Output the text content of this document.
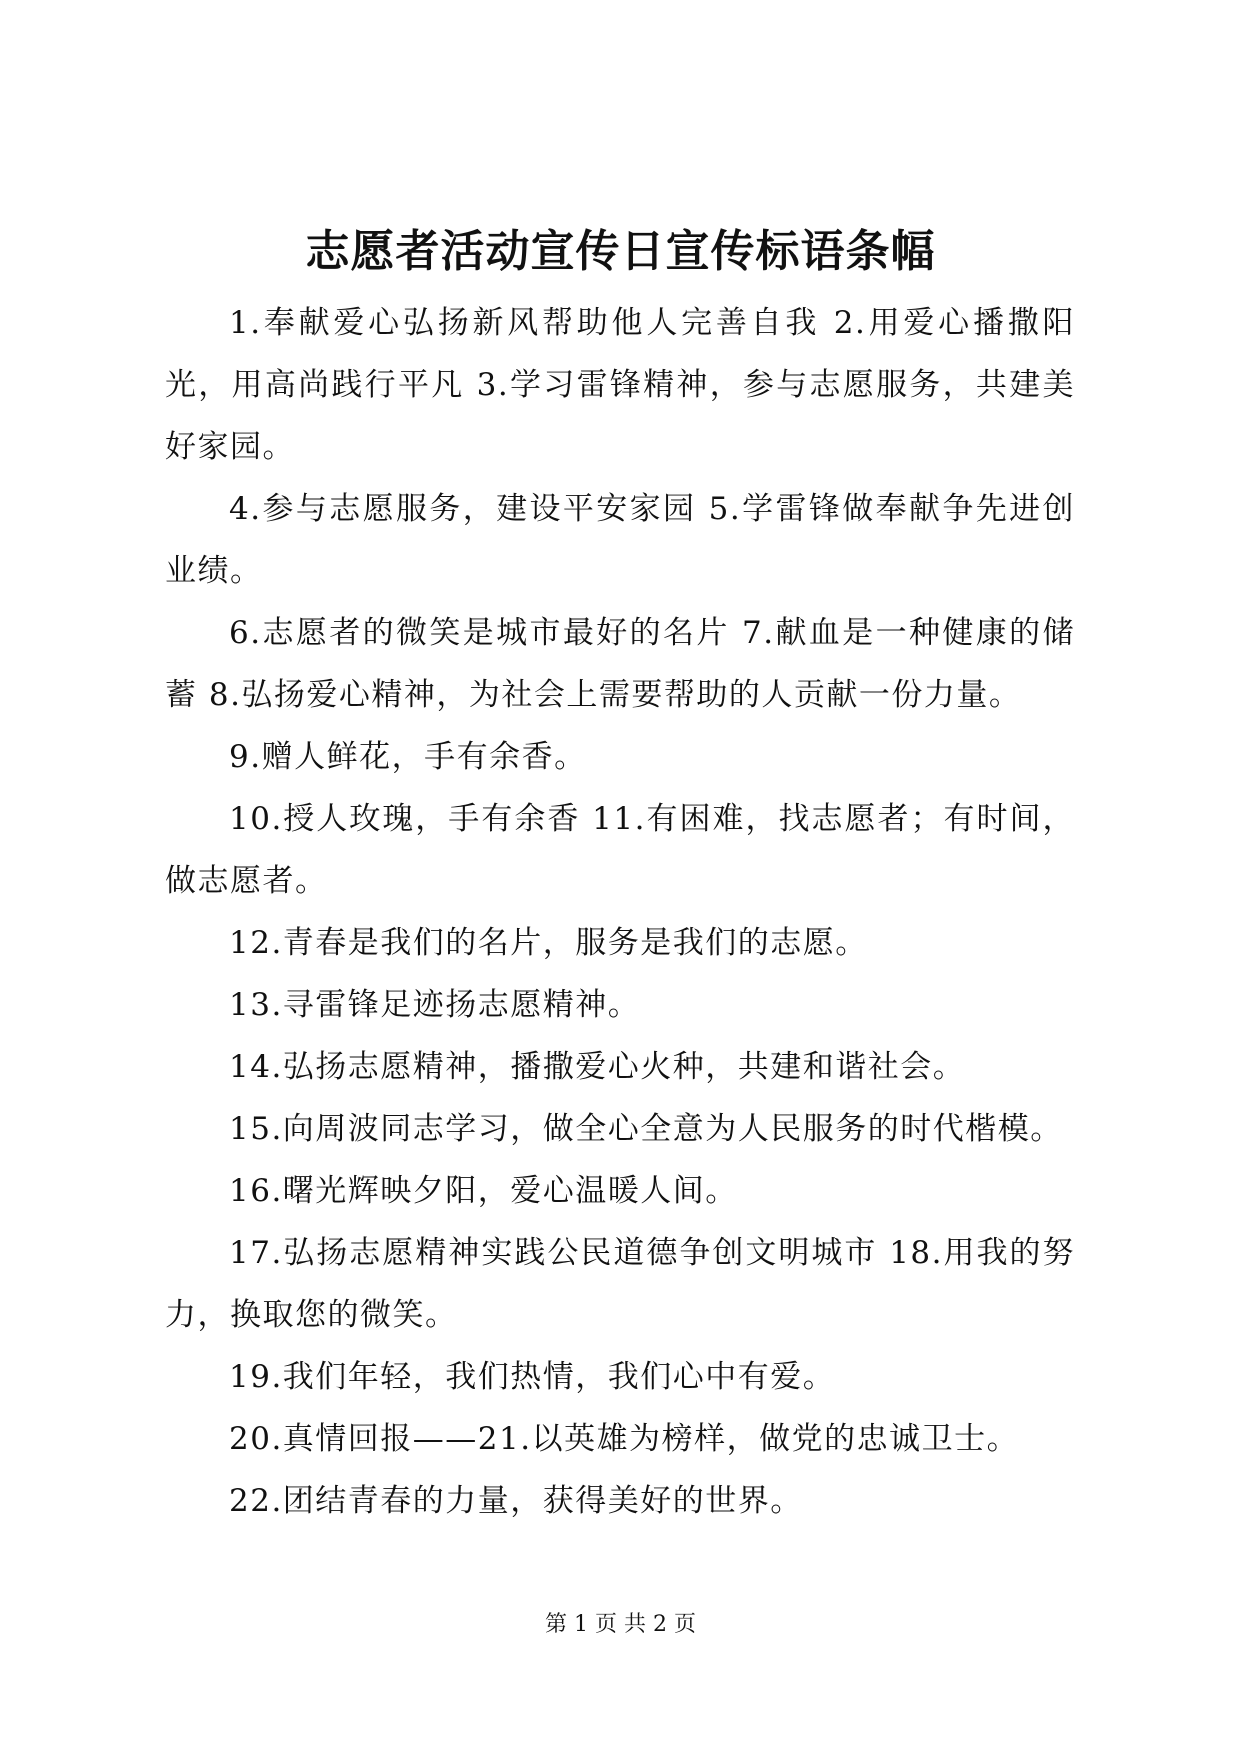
志愿者活动宣传日宣传标语条幅

1.奉献爱心弘扬新风帮助他人完善自我 2.用爱心播撒阳光，用高尚践行平凡 3.学习雷锋精神，参与志愿服务，共建美好家园。

4.参与志愿服务，建设平安家园 5.学雷锋做奉献争先进创业绩。

6.志愿者的微笑是城市最好的名片 7.献血是一种健康的储蓄 8.弘扬爱心精神，为社会上需要帮助的人贡献一份力量。

9.赠人鲜花，手有余香。

10.授人玫瑰，手有余香 11.有困难，找志愿者；有时间，做志愿者。

12.青春是我们的名片，服务是我们的志愿。

13.寻雷锋足迹扬志愿精神。

14.弘扬志愿精神，播撒爱心火种，共建和谐社会。

15.向周波同志学习，做全心全意为人民服务的时代楷模。

16.曙光辉映夕阳，爱心温暖人间。

17.弘扬志愿精神实践公民道德争创文明城市 18.用我的努力，换取您的微笑。

19.我们年轻，我们热情，我们心中有爱。

20.真情回报——21.以英雄为榜样，做党的忠诚卫士。

22.团结青春的力量，获得美好的世界。

第 1 页 共 2 页
